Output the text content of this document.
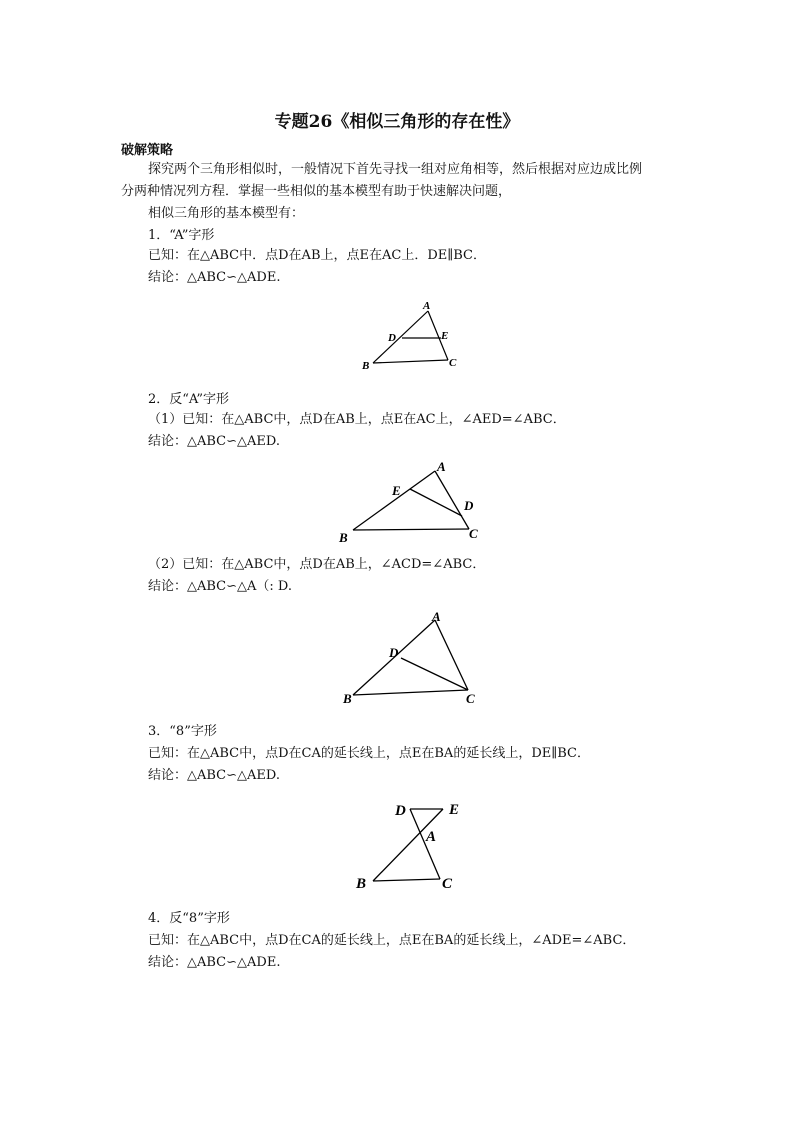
专题26《相似三角形的存在性》
破解策略
探究两个三角形相似时，一般情况下首先寻找一组对应角相等，然后根据对应边成比例
分两种情况列方程．掌握一些相似的基本模型有助于快速解决问题，
相似三角形的基本模型有：
1．“A”字形
已知：在△ABC中．点D在AB上，点E在AC上．DE∥BC．
结论：△ABC∽△ADE.
A
D	E
B	C
2．反“A”字形
（1）已知：在△ABC中，点D在AB上，点E在AC上，∠AED=∠ABC．
结论：△ABC∽△AED.
A
E
D
B	C
（2）已知：在△ABC中，点D在AB上，∠ACD=∠ABC．
结论：△ABC∽△A（: D.
A
D
B	C
3．“8”字形
已知：在△ABC中，点D在CA的延长线上，点E在BA的延长线上，DE∥BC．
结论：△ABC∽△AED.
D	E
A
B	C
4．反“8”字形
已知：在△ABC中，点D在CA的延长线上，点E在BA的延长线上，∠ADE=∠ABC．
结论：△ABC∽△ADE.
